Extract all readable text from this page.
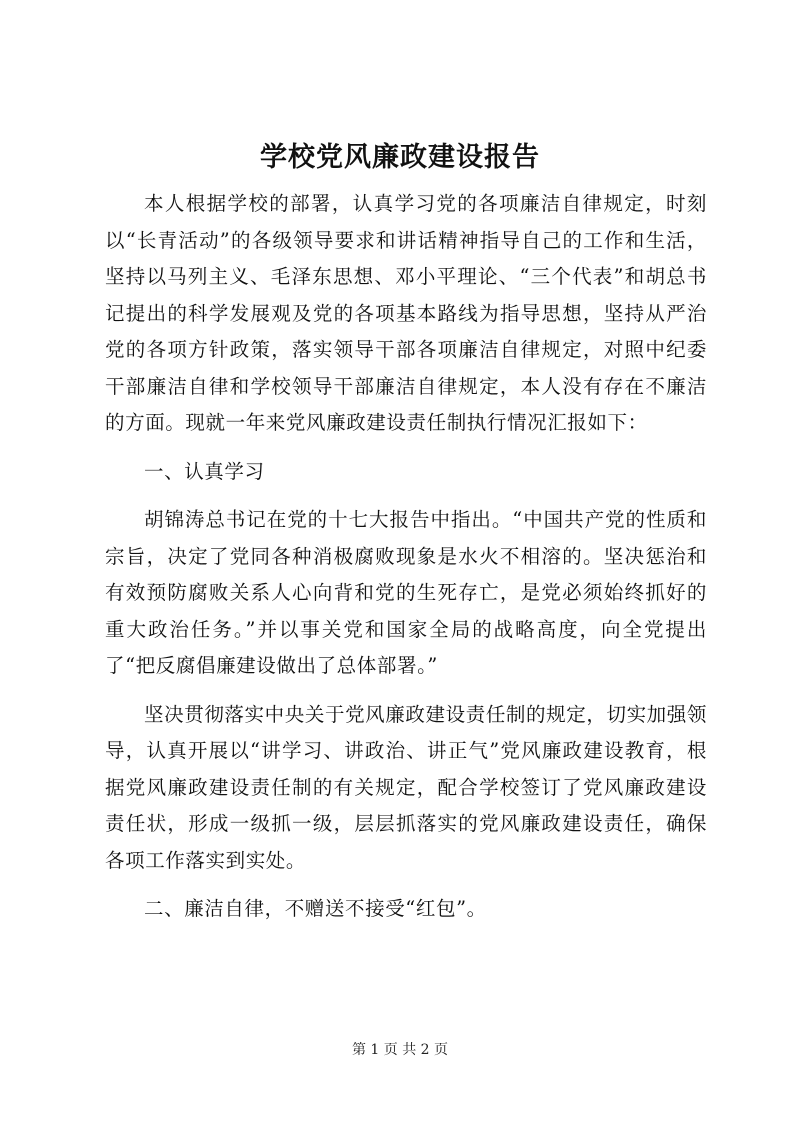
学校党风廉政建设报告

本人根据学校的部署，认真学习党的各项廉洁自律规定，时刻以“长青活动”的各级领导要求和讲话精神指导自己的工作和生活，坚持以马列主义、毛泽东思想、邓小平理论、“三个代表”和胡总书记提出的科学发展观及党的各项基本路线为指导思想，坚持从严治党的各项方针政策，落实领导干部各项廉洁自律规定，对照中纪委干部廉洁自律和学校领导干部廉洁自律规定，本人没有存在不廉洁的方面。现就一年来党风廉政建设责任制执行情况汇报如下：

一、认真学习

胡锦涛总书记在党的十七大报告中指出。“中国共产党的性质和宗旨，决定了党同各种消极腐败现象是水火不相溶的。坚决惩治和有效预防腐败关系人心向背和党的生死存亡，是党必须始终抓好的重大政治任务。”并以事关党和国家全局的战略高度，向全党提出了“把反腐倡廉建设做出了总体部署。”

坚决贯彻落实中央关于党风廉政建设责任制的规定，切实加强领导，认真开展以“讲学习、讲政治、讲正气”党风廉政建设教育，根据党风廉政建设责任制的有关规定，配合学校签订了党风廉政建设责任状，形成一级抓一级，层层抓落实的党风廉政建设责任，确保各项工作落实到实处。

二、廉洁自律，不赠送不接受“红包”。

第 1 页 共 2 页
